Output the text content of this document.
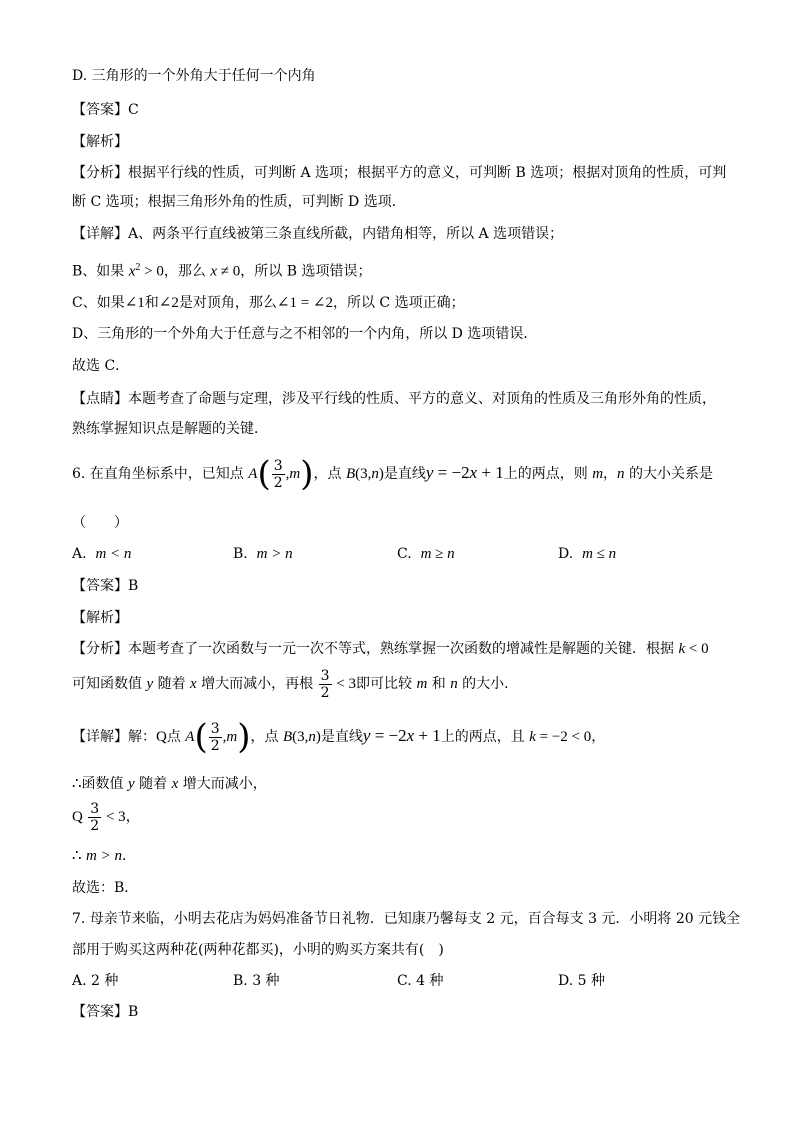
D. 三角形的一个外角大于任何一个内角
【答案】C
【解析】
【分析】根据平行线的性质，可判断 A 选项；根据平方的意义，可判断 B 选项；根据对顶角的性质，可判
断 C 选项；根据三角形外角的性质，可判断 D 选项．
【详解】A、两条平行直线被第三条直线所截，内错角相等，所以 A 选项错误；
B、如果 $x^2 > 0$，那么 x ≠ 0，所以 B 选项错误；
C、如果∠1和∠2是对顶角，那么∠1 = ∠2，所以 C 选项正确；
D、三角形的一个外角大于任意与之不相邻的一个内角，所以 D 选项错误．
故选 C．
【点睛】本题考查了命题与定理，涉及平行线的性质、平方的意义、对顶角的性质及三角形外角的性质，
熟练掌握知识点是解题的关键．
6. 在直角坐标系中，已知点 $A( \frac{3}{2} ,m)$，点 B(3,n)是直线y = −2x + 1上的两点，则 m，n 的大小关系是
（　　）
A. m < n	B. m > n	C. m ≥ n	D. m ≤ n
【答案】B
【解析】
【分析】本题考查了一次函数与一元一次不等式，熟练掌握一次函数的增减性是解题的关键．根据 k < 0
可知函数值 y 随着 x 增大而减小，再根 $\frac{3}{2} < 3$即可比较 m 和 n 的大小．
【详解】解：Q点 $A( \frac{3}{2} ,m)$，点 B(3,n)是直线y = −2x + 1上的两点，且 k = −2 < 0，
∴函数值 y 随着 x 增大而减小，
Q $\frac{3}{2} < 3$，
∴ m > n．
故选：B．
7. 母亲节来临，小明去花店为妈妈准备节日礼物．已知康乃馨每支 2 元，百合每支 3 元．小明将 20 元钱全
部用于购买这两种花(两种花都买)，小明的购买方案共有(　)
A. 2 种	B. 3 种	C. 4 种	D. 5 种
【答案】B
